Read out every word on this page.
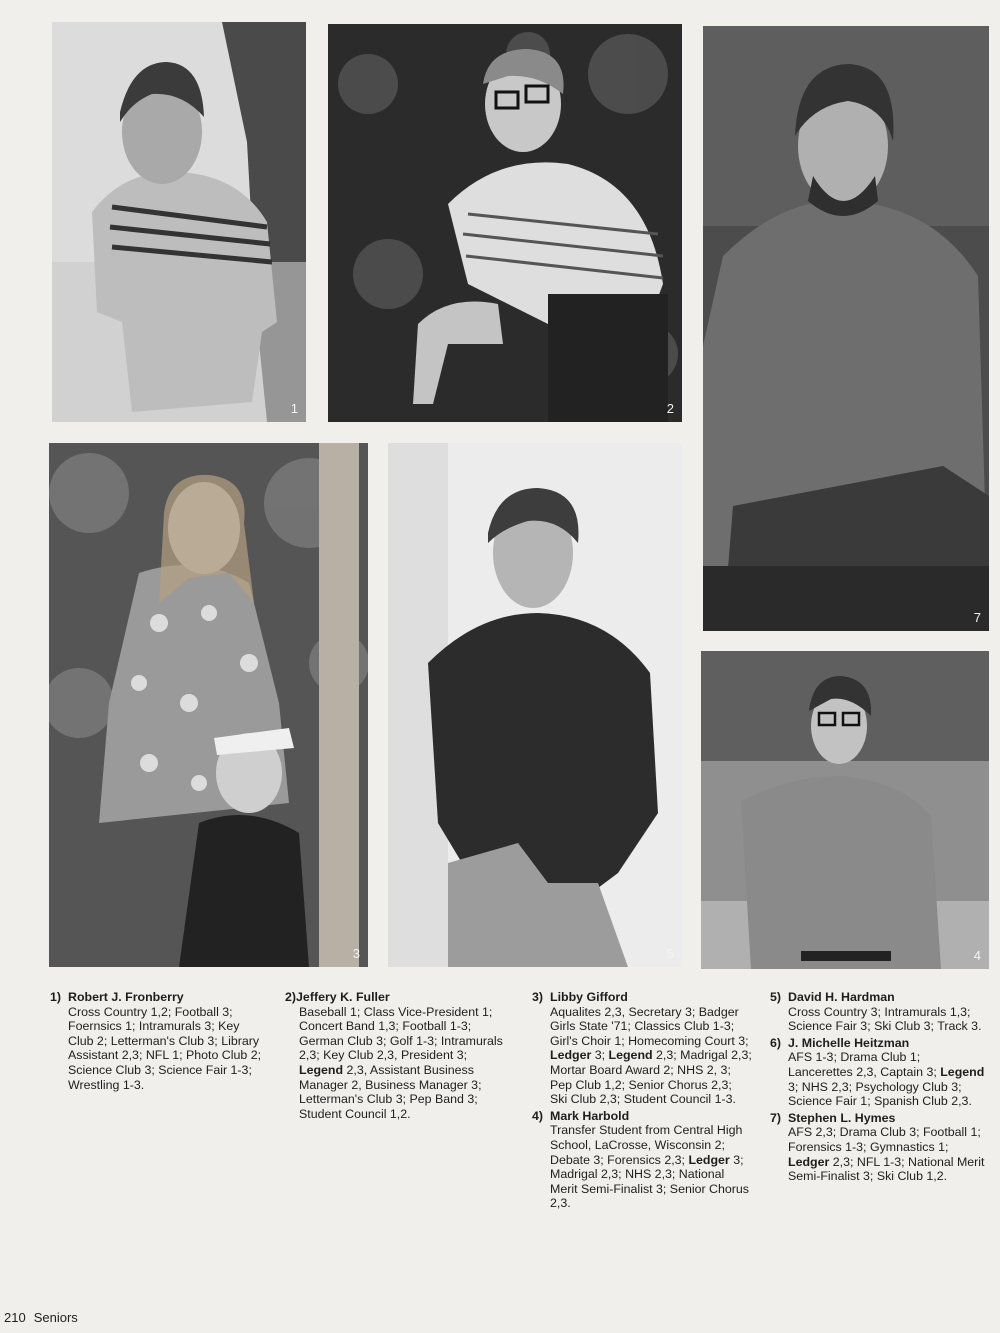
1	2
7
3	5	4
1) Robert J. Fronberry
Cross Country 1,2; Football 3; Foernsics 1; Intramurals 3; Key Club 2; Letterman's Club 3; Library Assistant 2,3; NFL 1; Photo Club 2; Science Club 3; Science Fair 1-3; Wrestling 1-3.
2)Jeffery K. Fuller
Baseball 1; Class Vice-President 1; Concert Band 1,3; Football 1-3; German Club 3; Golf 1-3; Intramurals 2,3; Key Club 2,3, President 3; Legend 2,3, Assistant Business Manager 2, Business Manager 3; Letterman's Club 3; Pep Band 3; Student Council 1,2.
3) Libby Gifford
Aqualites 2,3, Secretary 3; Badger Girls State '71; Classics Club 1-3; Girl's Choir 1; Homecoming Court 3; Ledger 3; Legend 2,3; Madrigal 2,3; Mortar Board Award 2; NHS 2, 3; Pep Club 1,2; Senior Chorus 2,3; Ski Club 2,3; Student Council 1-3.
4) Mark Harbold
Transfer Student from Central High School, LaCrosse, Wisconsin 2; Debate 3; Forensics 2,3; Ledger 3; Madrigal 2,3; NHS 2,3; National Merit Semi-Finalist 3; Senior Chorus 2,3.
5) David H. Hardman
Cross Country 3; Intramurals 1,3; Science Fair 3; Ski Club 3; Track 3.
6) J. Michelle Heitzman
AFS 1-3; Drama Club 1; Lancerettes 2,3, Captain 3; Legend 3; NHS 2,3; Psychology Club 3; Science Fair 1; Spanish Club 2,3.
7) Stephen L. Hymes
AFS 2,3; Drama Club 3; Football 1; Forensics 1-3; Gymnastics 1; Ledger 2,3; NFL 1-3; National Merit Semi-Finalist 3; Ski Club 1,2.
210 Seniors
